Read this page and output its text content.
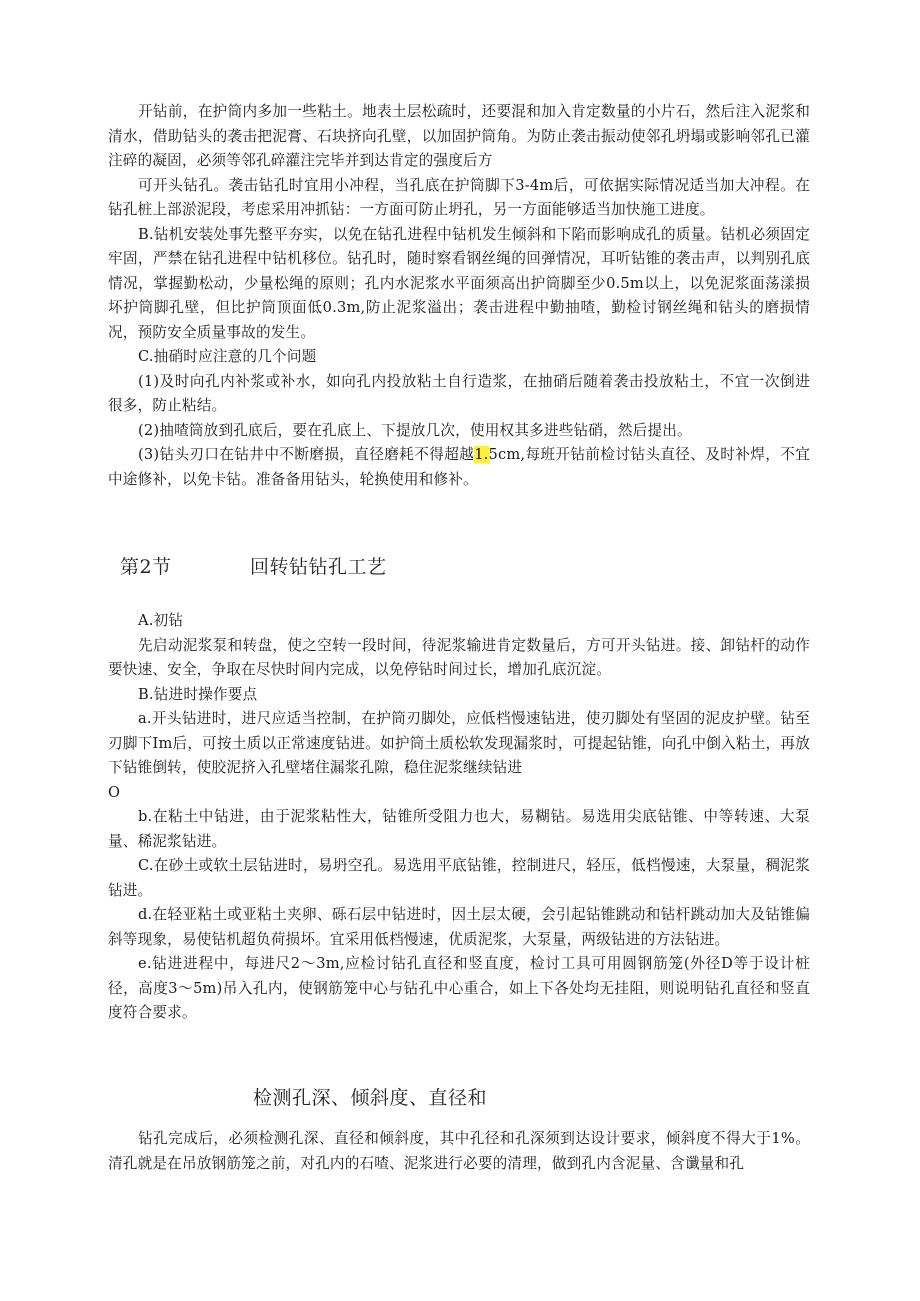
开钻前，在护筒内多加一些粘土。地表土层松疏时，还要混和加入肯定数量的小片石，然后注入泥浆和清水，借助钻头的袭击把泥膏、石块挤向孔壁，以加固护筒角。为防止袭击振动使邻孔坍塌或影响邻孔已灌注碎的凝固，必须等邻孔碎灌注完毕并到达肯定的强度后方

可开头钻孔。袭击钻孔时宜用小冲程，当孔底在护筒脚下3-4m后，可依据实际情况适当加大冲程。在钻孔桩上部淤泥段，考虑采用冲抓钻：一方面可防止坍孔，另一方面能够适当加快施工进度。

B.钻机安装处事先整平夯实，以免在钻孔进程中钻机发生倾斜和下陷而影响成孔的质量。钻机必须固定牢固，严禁在钻孔进程中钻机移位。钻孔时，随时察看钢丝绳的回弹情况，耳听钻锥的袭击声，以判别孔底情况，掌握勤松动，少量松绳的原则；孔内水泥浆水平面须高出护筒脚至少0.5m以上，以免泥浆面荡漾损坏护筒脚孔壁，但比护筒顶面低0.3m,防止泥浆溢出；袭击进程中勤抽喳，勤检讨钢丝绳和钻头的磨损情况，预防安全质量事故的发生。

C.抽硝时应注意的几个问题

(1)及时向孔内补浆或补水，如向孔内投放粘土自行造浆，在抽硝后随着袭击投放粘土，不宜一次倒进很多，防止粘结。

(2)抽喳筒放到孔底后，要在孔底上、下提放几次，使用权其多进些钻硝，然后提出。

(3)钻头刃口在钻井中不断磨损，直径磨耗不得超越1.5cm,每班开钻前检讨钻头直径、及时补焊，不宜中途修补，以免卡钻。准备备用钻头，轮换使用和修补。

第2节	回转钻钻孔工艺

A.初钻

先启动泥浆泵和转盘，使之空转一段时间，待泥浆输进肯定数量后，方可开头钻进。接、卸钻杆的动作要快速、安全，争取在尽快时间内完成，以免停钻时间过长，增加孔底沉淀。

B.钻进时操作要点

a.开头钻进时，进尺应适当控制，在护筒刃脚处，应低档慢速钻进，使刃脚处有坚固的泥皮护壁。钻至刃脚下Im后，可按土质以正常速度钻进。如护筒土质松软发现漏浆时，可提起钻锥，向孔中倒入粘土，再放下钻锥倒转，使胶泥挤入孔壁堵住漏浆孔隙，稳住泥浆继续钻进

O

b.在粘土中钻进，由于泥浆粘性大，钻锥所受阻力也大，易糊钻。易选用尖底钻锥、中等转速、大泵量、稀泥浆钻进。

C.在砂土或软土层钻进时，易坍空孔。易选用平底钻锥，控制进尺，轻压，低档慢速，大泵量，稠泥浆钻进。

d.在轻亚粘土或亚粘土夹卵、砾石层中钻进时，因土层太硬，会引起钻锥跳动和钻杆跳动加大及钻锥偏斜等现象，易使钻机超负荷损坏。宜采用低档慢速，优质泥浆，大泵量，两级钻进的方法钻进。

e.钻进进程中，每进尺2〜3m,应检讨钻孔直径和竖直度，检讨工具可用圆钢筋笼(外径D等于设计桩径，高度3〜5m)吊入孔内，使钢筋笼中心与钻孔中心重合，如上下各处均无挂阻，则说明钻孔直径和竖直度符合要求。

检测孔深、倾斜度、直径和

钻孔完成后，必须检测孔深、直径和倾斜度，其中孔径和孔深须到达设计要求，倾斜度不得大于1%。清孔就是在吊放钢筋笼之前，对孔内的石喳、泥浆进行必要的清理，做到孔内含泥量、含谶量和孔
